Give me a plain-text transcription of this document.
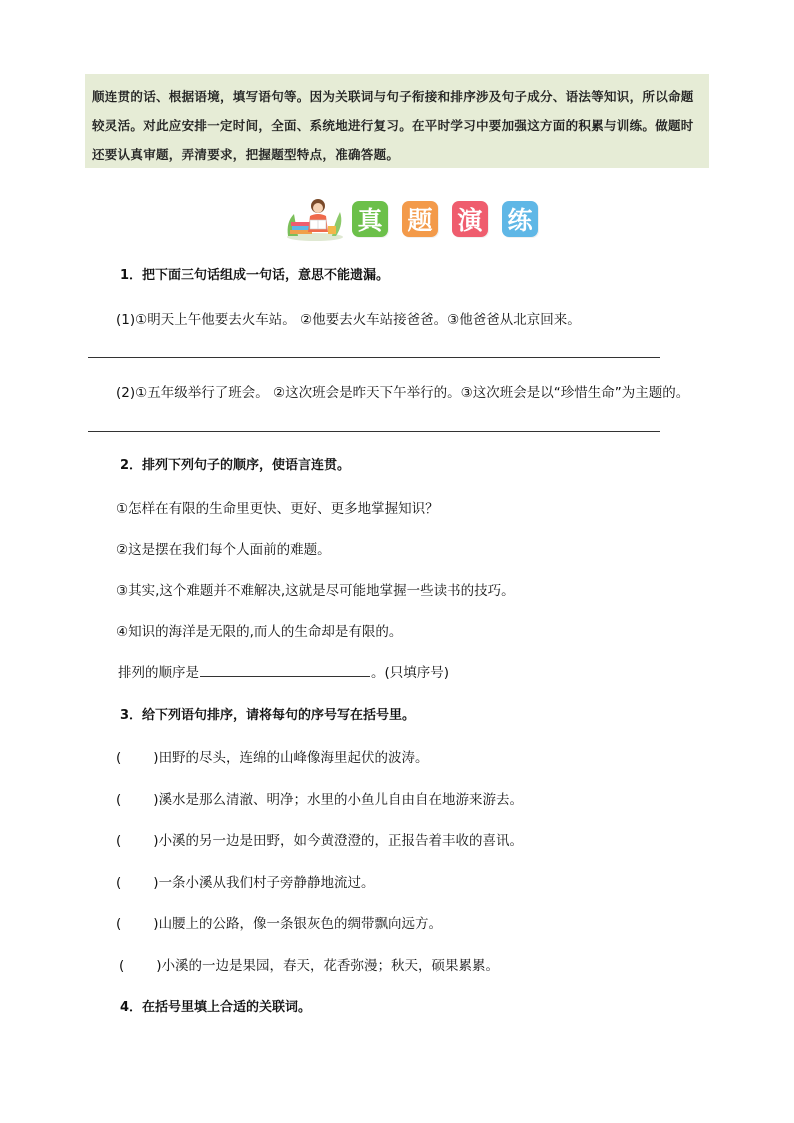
顺连贯的话、根据语境，填写语句等。因为关联词与句子衔接和排序涉及句子成分、语法等知识，所以命题较灵活。对此应安排一定时间，全面、系统地进行复习。在平时学习中要加强这方面的积累与训练。做题时还要认真审题，弄清要求，把握题型特点，准确答题。

真 题 演 练
1．把下面三句话组成一句话，意思不能遗漏。
(1)①明天上午他要去火车站。 ②他要去火车站接爸爸。③他爸爸从北京回来。
(2)①五年级举行了班会。 ②这次班会是昨天下午举行的。③这次班会是以“珍惜生命”为主题的。
2．排列下列句子的顺序，使语言连贯。
①怎样在有限的生命里更快、更好、更多地掌握知识？
②这是摆在我们每个人面前的难题。
③其实,这个难题并不难解决,这就是尽可能地掌握一些读书的技巧。
④知识的海洋是无限的,而人的生命却是有限的。
排列的顺序是	。(只填序号)
3．给下列语句排序，请将每句的序号写在括号里。
( )田野的尽头，连绵的山峰像海里起伏的波涛。
( )溪水是那么清澈、明净；水里的小鱼儿自由自在地游来游去。
( )小溪的另一边是田野，如今黄澄澄的，正报告着丰收的喜讯。
( )一条小溪从我们村子旁静静地流过。
( )山腰上的公路，像一条银灰色的绸带飘向远方。
( )小溪的一边是果园，春天，花香弥漫；秋天，硕果累累。
4．在括号里填上合适的关联词。
